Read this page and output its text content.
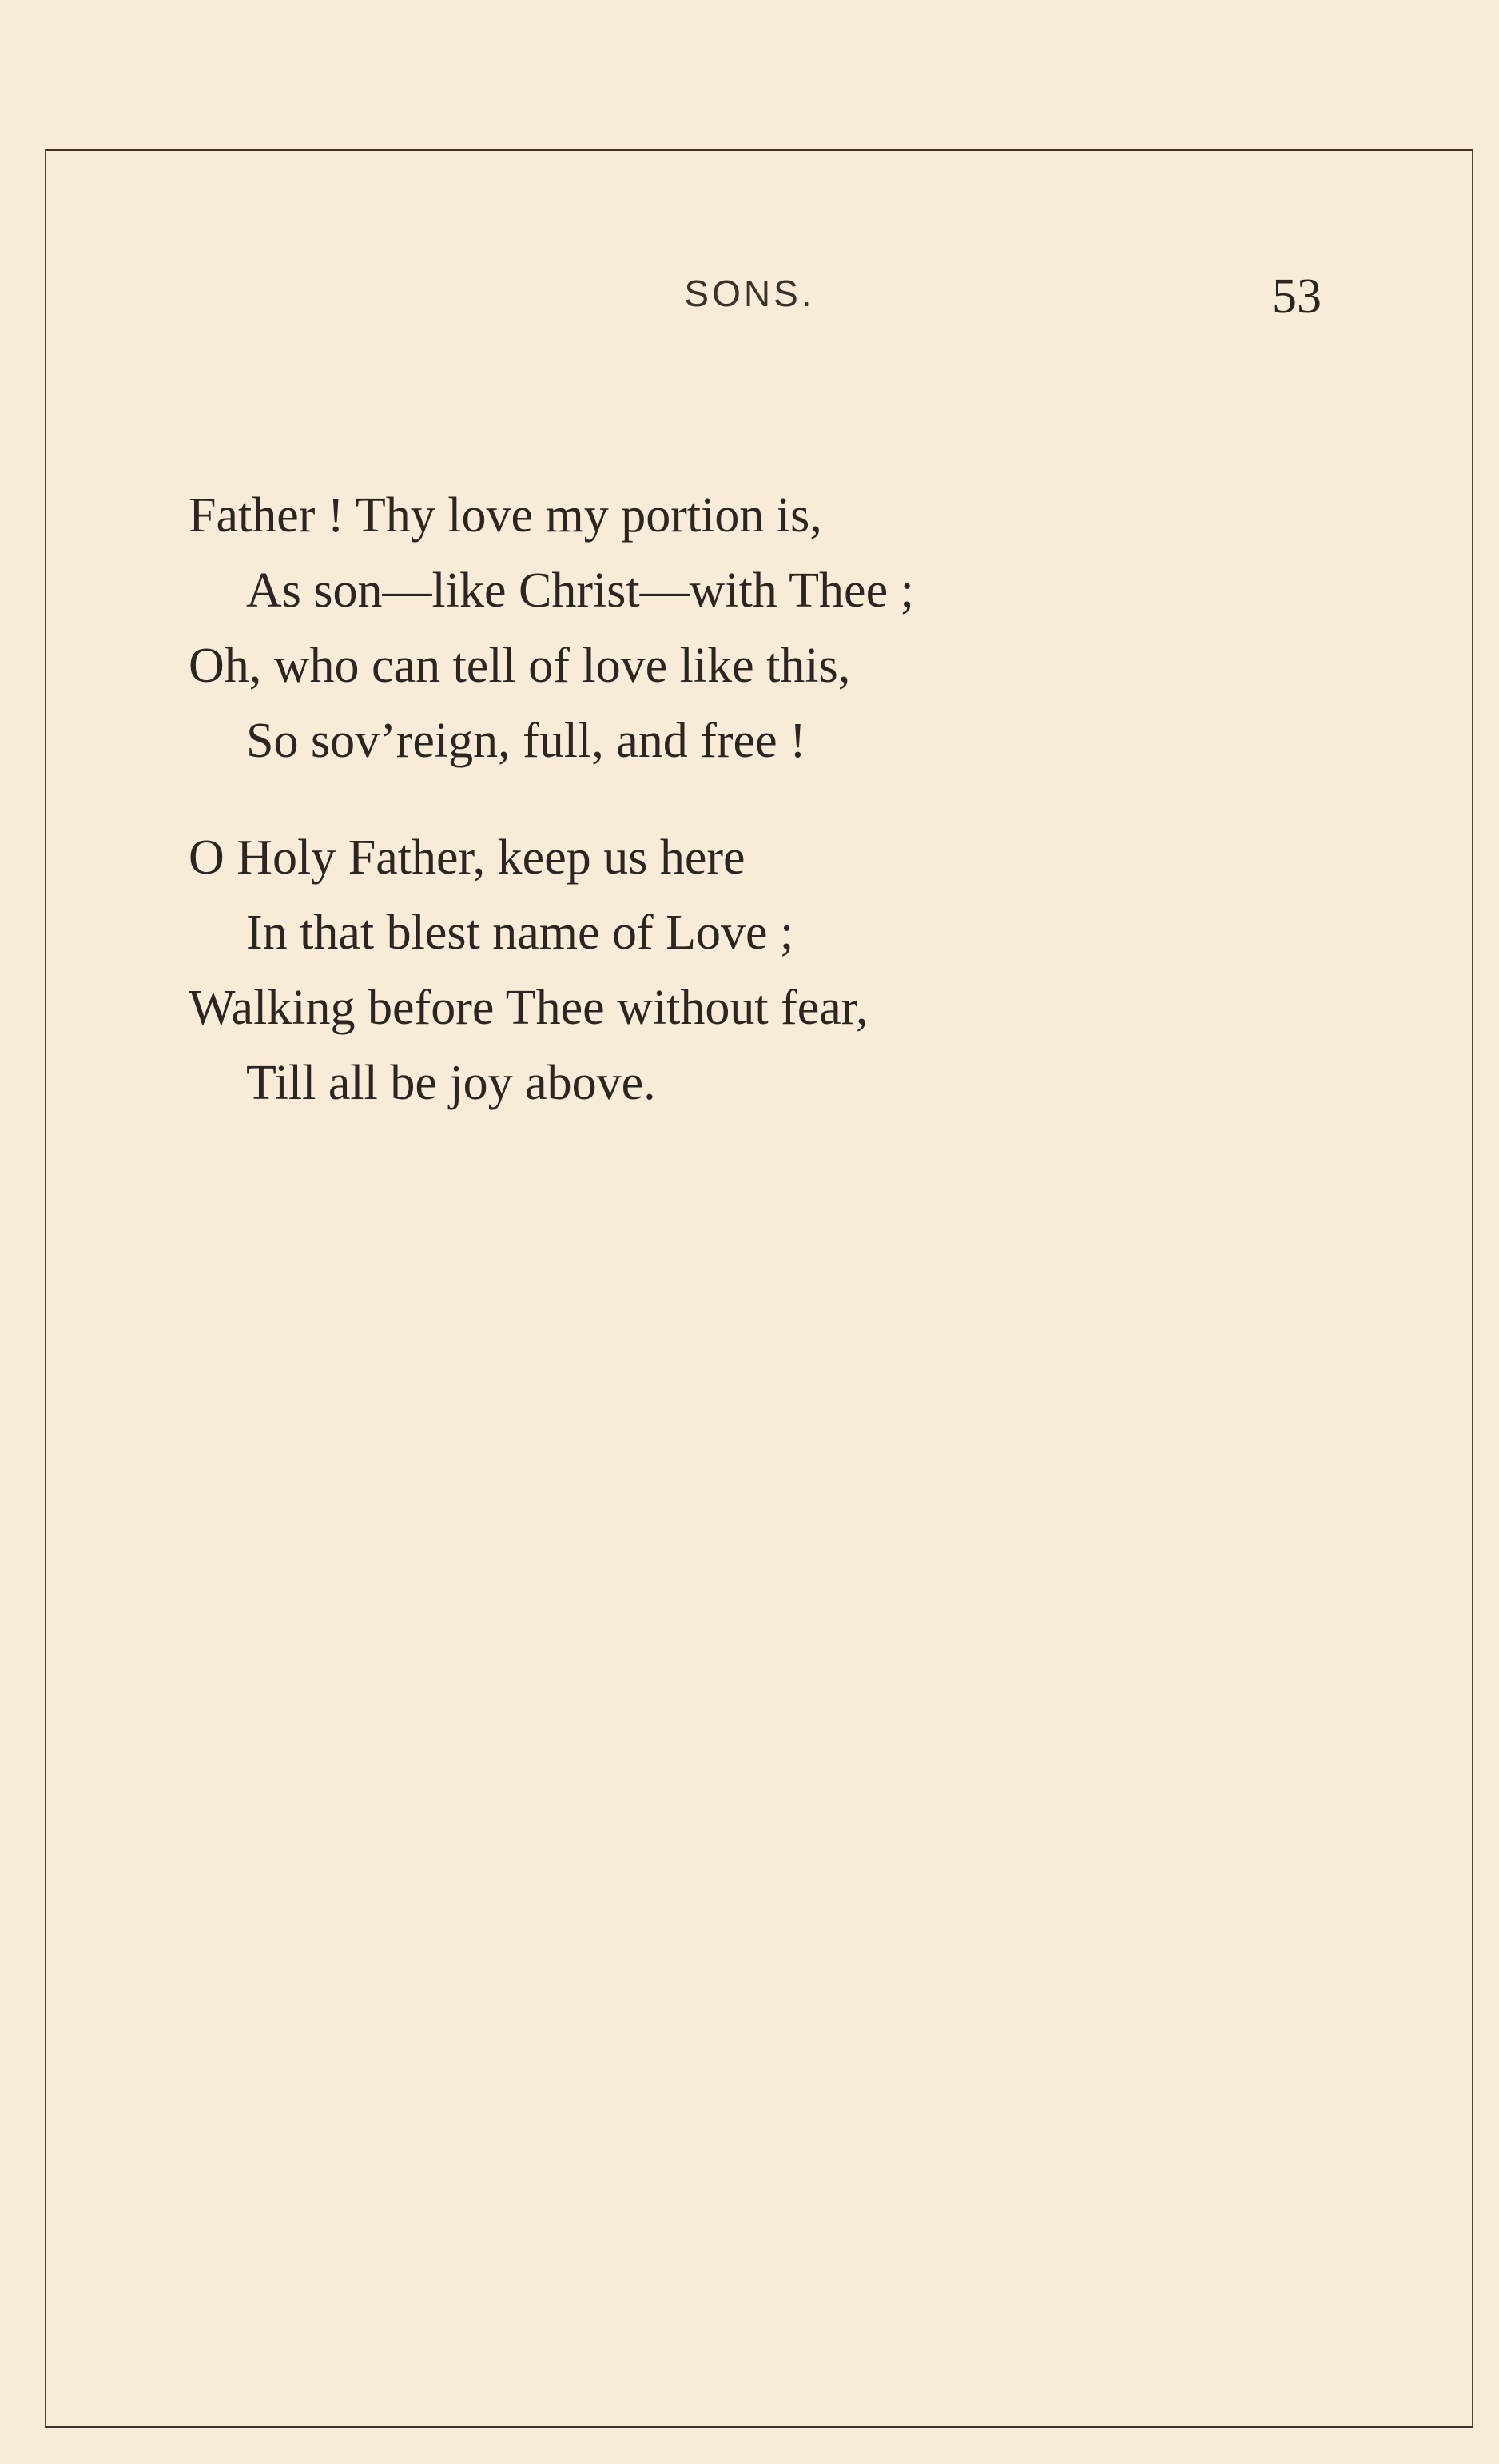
SONS.	53
Father ! Thy love my portion is,
As son—like Christ—with Thee ;
Oh, who can tell of love like this,
So sov’reign, full, and free !
O Holy Father, keep us here
In that blest name of Love ;
Walking before Thee without fear,
Till all be joy above.
